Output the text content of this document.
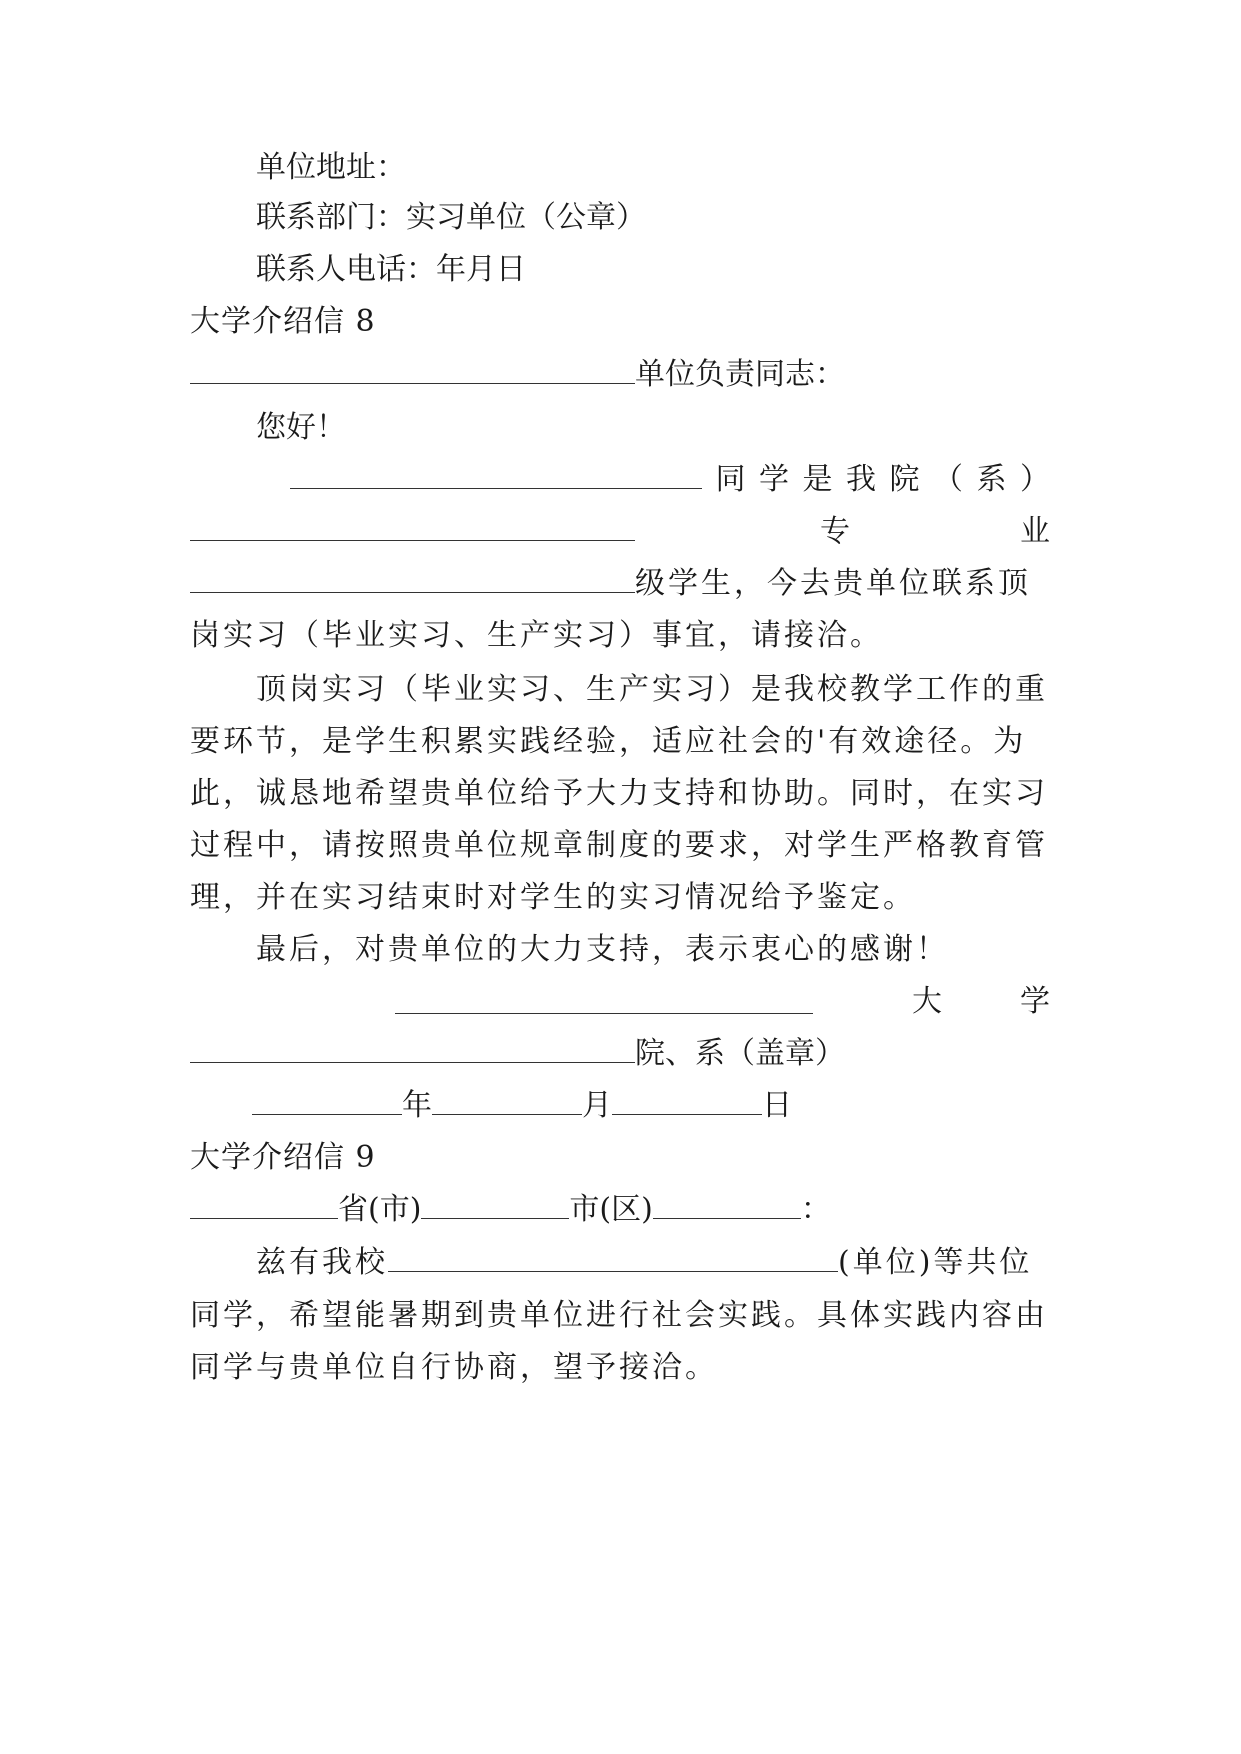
单位地址：
联系部门：实习单位（公章）
联系人电话：年月日
大学介绍信 8
单位负责同志：
您好！
同 学 是 我 院 （ 系 ）
专	业
级学生，今去贵单位联系顶
岗实习（毕业实习、生产实习）事宜，请接洽。
顶岗实习（毕业实习、生产实习）是我校教学工作的重
要环节，是学生积累实践经验，适应社会的'有效途径。为
此，诚恳地希望贵单位给予大力支持和协助。同时，在实习
过程中，请按照贵单位规章制度的要求，对学生严格教育管
理，并在实习结束时对学生的实习情况给予鉴定。
最后，对贵单位的大力支持，表示衷心的感谢！
大	学
院、系（盖章）
年	月	日
大学介绍信 9
省(市)	市(区)	：
兹有我校	(单位)等共位
同学，希望能暑期到贵单位进行社会实践。具体实践内容由
同学与贵单位自行协商，望予接洽。
